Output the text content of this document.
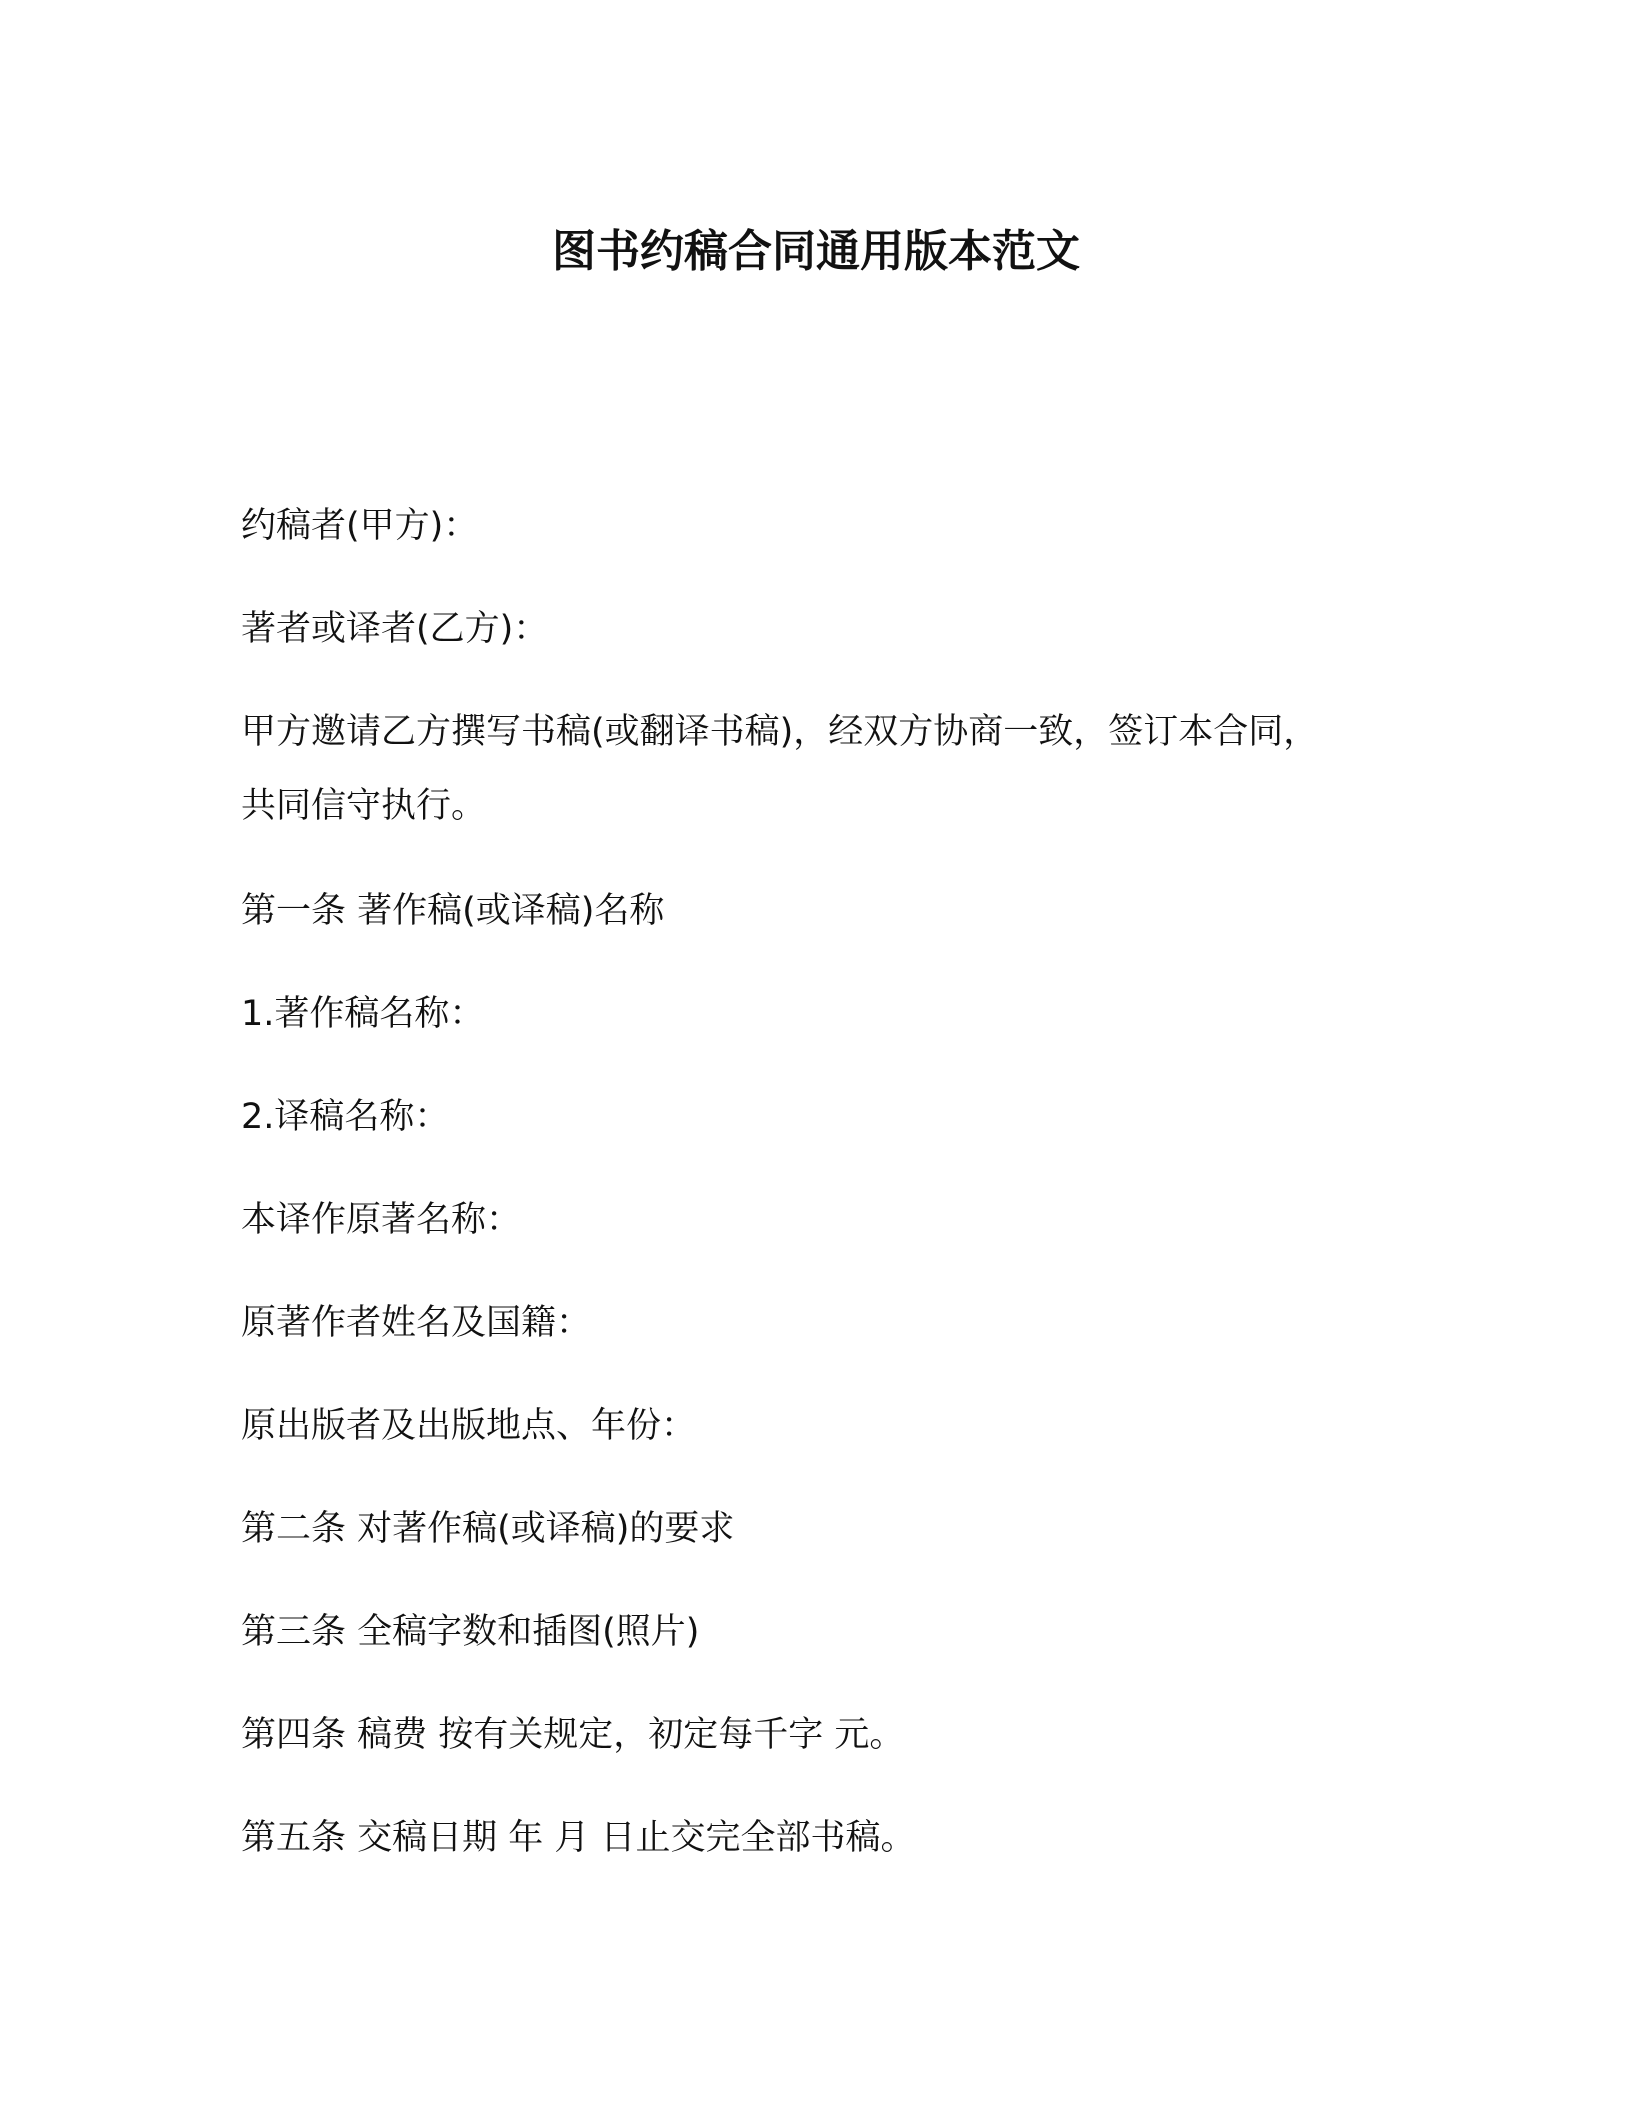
图书约稿合同通用版本范文
约稿者(甲方)：
著者或译者(乙方)：
甲方邀请乙方撰写书稿(或翻译书稿)，经双方协商一致，签订本合同，
共同信守执行。
第一条 著作稿(或译稿)名称
1.著作稿名称：
2.译稿名称：
本译作原著名称：
原著作者姓名及国籍：
原出版者及出版地点、年份：
第二条 对著作稿(或译稿)的要求
第三条 全稿字数和插图(照片)
第四条 稿费 按有关规定，初定每千字 元。
第五条 交稿日期 年 月 日止交完全部书稿。
